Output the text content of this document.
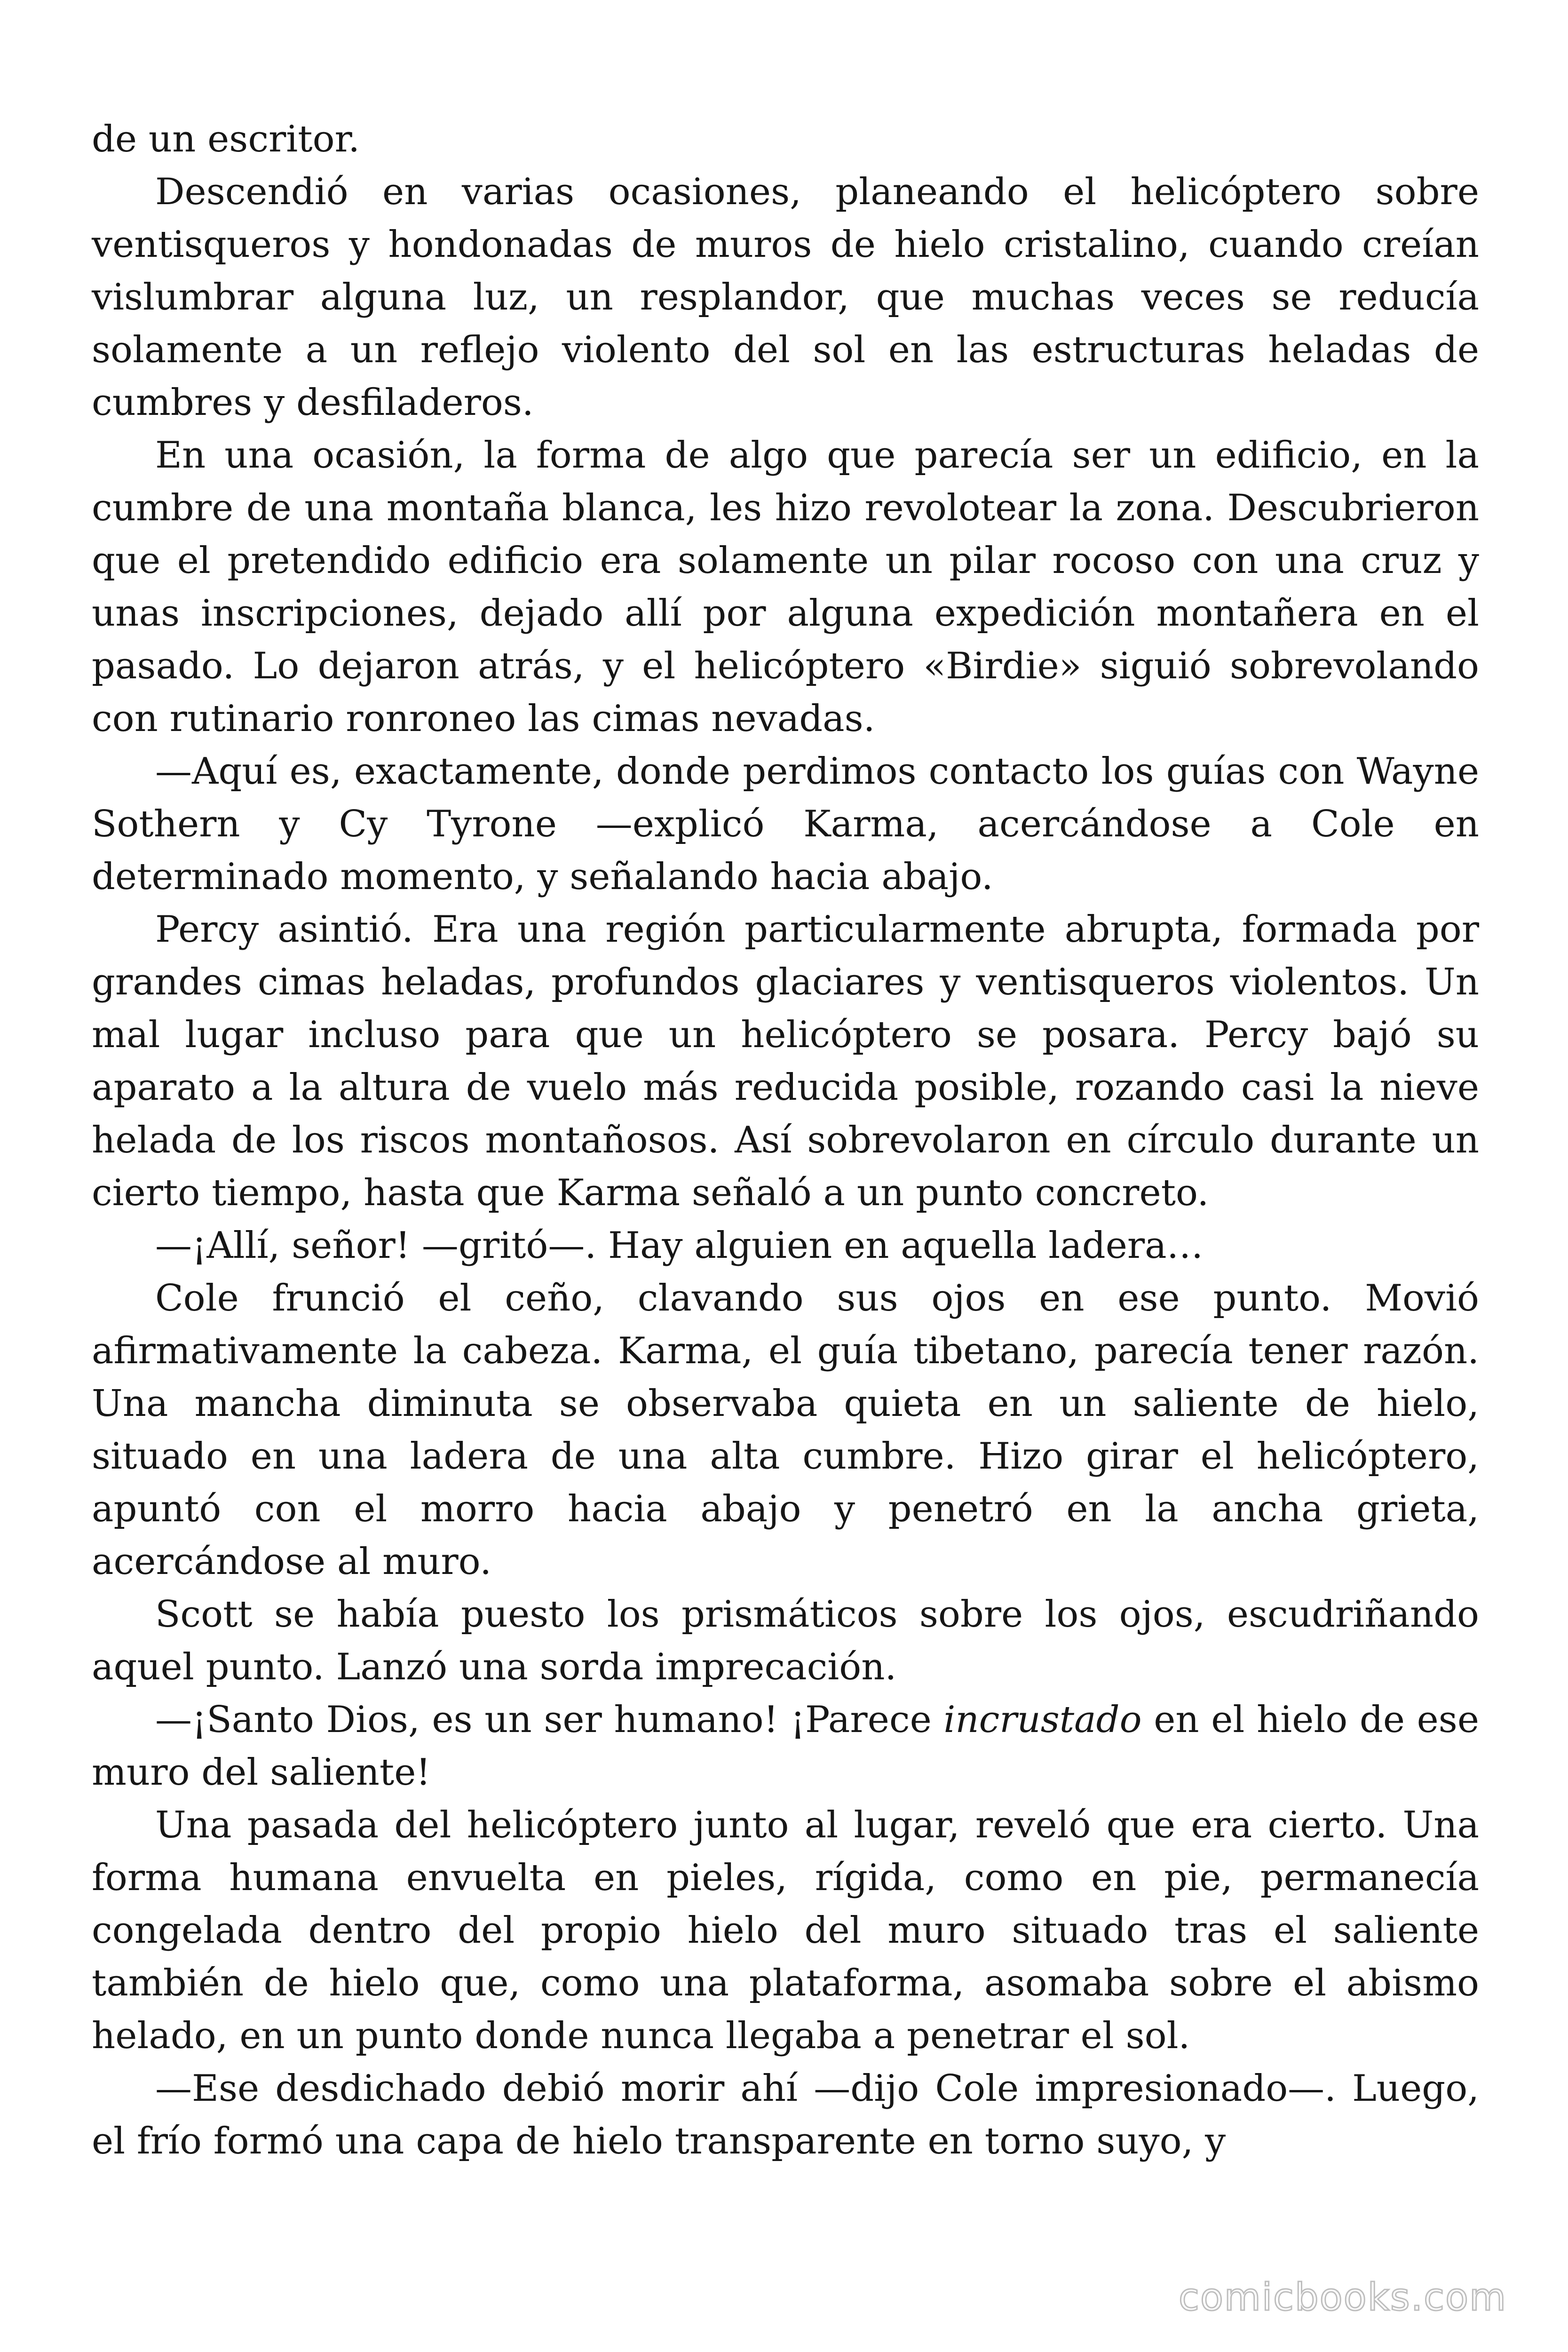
de un escritor.

Descendió en varias ocasiones, planeando el helicóptero sobre ventisqueros y hondonadas de muros de hielo cristalino, cuando creían vislumbrar alguna luz, un resplandor, que muchas veces se reducía solamente a un reflejo violento del sol en las estructuras heladas de cumbres y desfiladeros.

En una ocasión, la forma de algo que parecía ser un edificio, en la cumbre de una montaña blanca, les hizo revolotear la zona. Descubrieron que el pretendido edificio era solamente un pilar rocoso con una cruz y unas inscripciones, dejado allí por alguna expedición montañera en el pasado. Lo dejaron atrás, y el helicóptero «Birdie» siguió sobrevolando con rutinario ronroneo las cimas nevadas.

—Aquí es, exactamente, donde perdimos contacto los guías con Wayne Sothern y Cy Tyrone —explicó Karma, acercándose a Cole en determinado momento, y señalando hacia abajo.

Percy asintió. Era una región particularmente abrupta, formada por grandes cimas heladas, profundos glaciares y ventisqueros violentos. Un mal lugar incluso para que un helicóptero se posara. Percy bajó su aparato a la altura de vuelo más reducida posible, rozando casi la nieve helada de los riscos montañosos. Así sobrevolaron en círculo durante un cierto tiempo, hasta que Karma señaló a un punto concreto.

—¡Allí, señor! —gritó—. Hay alguien en aquella ladera…

Cole frunció el ceño, clavando sus ojos en ese punto. Movió afirmativamente la cabeza. Karma, el guía tibetano, parecía tener razón. Una mancha diminuta se observaba quieta en un saliente de hielo, situado en una ladera de una alta cumbre. Hizo girar el helicóptero, apuntó con el morro hacia abajo y penetró en la ancha grieta, acercándose al muro.

Scott se había puesto los prismáticos sobre los ojos, escudriñando aquel punto. Lanzó una sorda imprecación.

—¡Santo Dios, es un ser humano! ¡Parece incrustado en el hielo de ese muro del saliente!

Una pasada del helicóptero junto al lugar, reveló que era cierto. Una forma humana envuelta en pieles, rígida, como en pie, permanecía congelada dentro del propio hielo del muro situado tras el saliente también de hielo que, como una plataforma, asomaba sobre el abismo helado, en un punto donde nunca llegaba a penetrar el sol.

—Ese desdichado debió morir ahí —dijo Cole impresionado—. Luego, el frío formó una capa de hielo transparente en torno suyo, y

comicbooks.com
